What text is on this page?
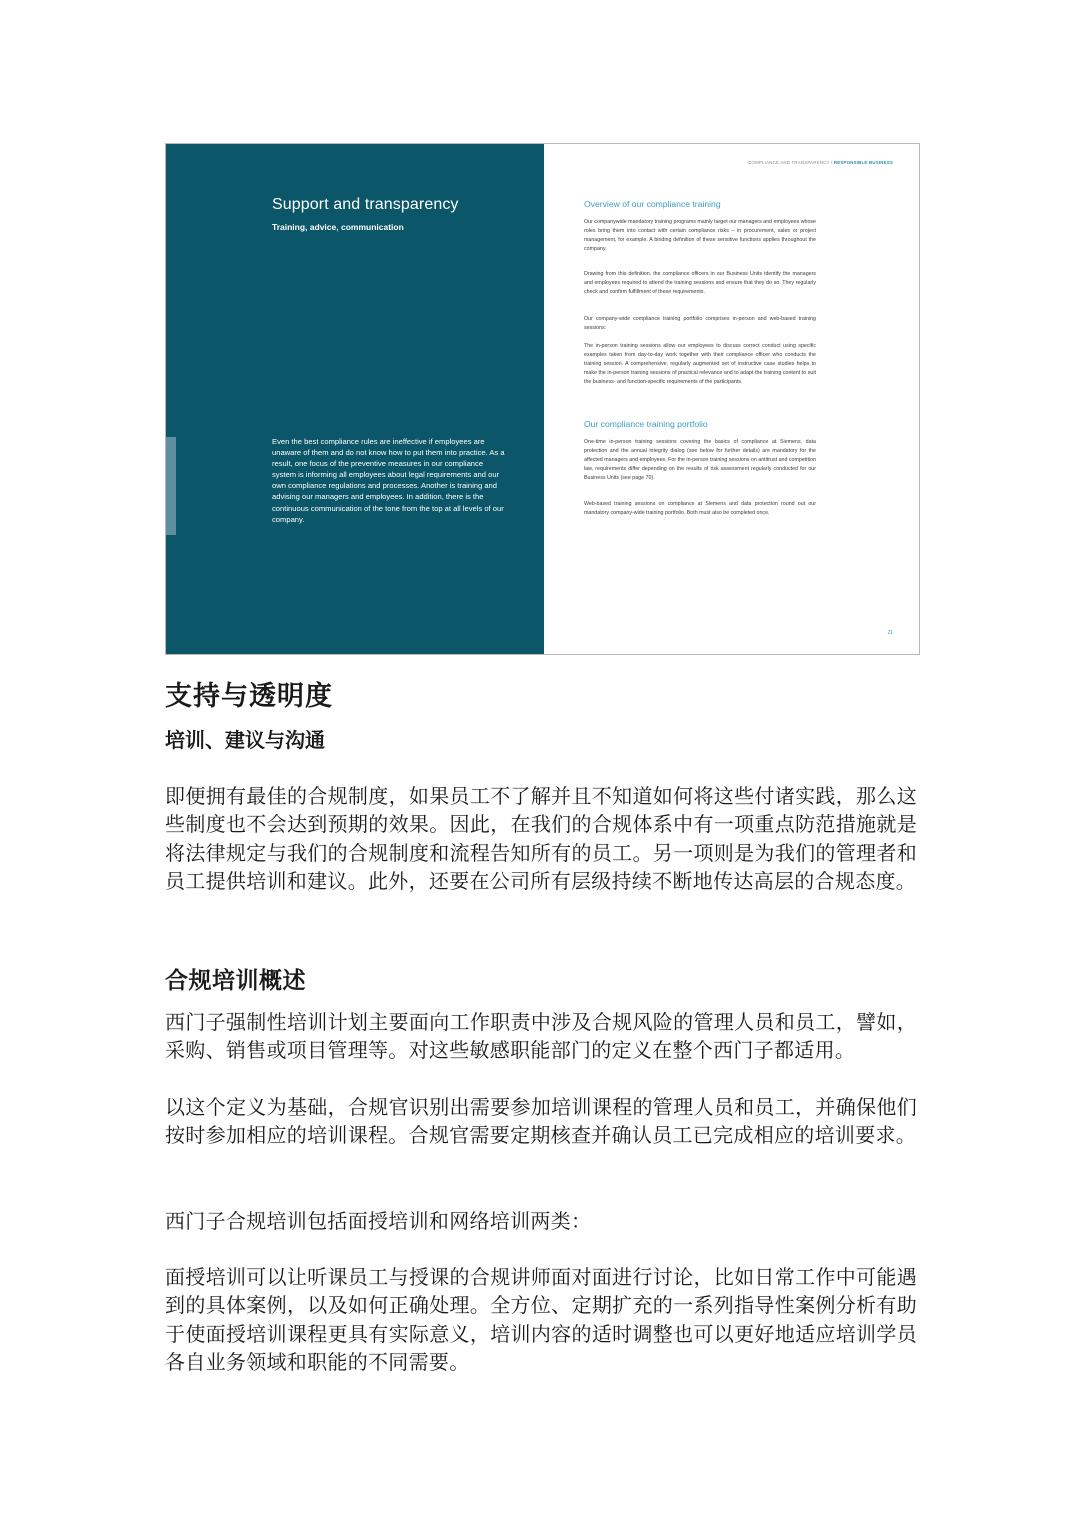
Support and transparency
Training, advice, communication
Even the best compliance rules are ineffective if employees are unaware of them and do not know how to put them into practice. As a result, one focus of the preventive measures in our compliance system is informing all employees about legal requirements and our own compliance regulations and processes. Another is training and advising our managers and employees. In addition, there is the continuous communication of the tone from the top at all levels of our company.
COMPLIANCE AND TRANSPARENCY / RESPONSIBLE BUSINESS
Overview of our compliance training
Our companywide mandatory training programs mainly target our managers and employees whose roles bring them into contact with certain compliance risks – in procurement, sales or project management, for example. A binding definition of these sensitive functions applies throughout the company.
Drawing from this definition, the compliance officers in our Business Units identify the managers and employees required to attend the training sessions and ensure that they do so. They regularly check and confirm fulfillment of these requirements.
Our company-wide compliance training portfolio comprises in-person and web-based training sessions:
The in-person training sessions allow our employees to discuss correct conduct using specific examples taken from day-to-day work together with their compliance officer who conducts the training session. A comprehensive, regularly augmented set of instructive case studies helps to make the in-person training sessions of practical relevance and to adapt the training content to suit the business- and function-specific requirements of the participants.
Our compliance training portfolio
One-time in-person training sessions covering the basics of compliance at Siemens, data protection and the annual integrity dialog (see below for further details) are mandatory for the affected managers and employees. For the in-person training sessions on antitrust and competition law, requirements differ depending on the results of risk assessment regularly conducted for our Business Units (see page 70).
Web-based training sessions on compliance at Siemens and data protection round out our mandatory company-wide training portfolio. Both must also be completed once.
21
支持与透明度
培训、建议与沟通

即便拥有最佳的合规制度，如果员工不了解并且不知道如何将这些付诸实践，那么这些制度也不会达到预期的效果。因此，在我们的合规体系中有一项重点防范措施就是将法律规定与我们的合规制度和流程告知所有的员工。另一项则是为我们的管理者和员工提供培训和建议。此外，还要在公司所有层级持续不断地传达高层的合规态度。

合规培训概述

西门子强制性培训计划主要面向工作职责中涉及合规风险的管理人员和员工，譬如，采购、销售或项目管理等。对这些敏感职能部门的定义在整个西门子都适用。

以这个定义为基础，合规官识别出需要参加培训课程的管理人员和员工，并确保他们按时参加相应的培训课程。合规官需要定期核查并确认员工已完成相应的培训要求。

西门子合规培训包括面授培训和网络培训两类：

面授培训可以让听课员工与授课的合规讲师面对面进行讨论，比如日常工作中可能遇到的具体案例，以及如何正确处理。全方位、定期扩充的一系列指导性案例分析有助于使面授培训课程更具有实际意义，培训内容的适时调整也可以更好地适应培训学员各自业务领域和职能的不同需要。
